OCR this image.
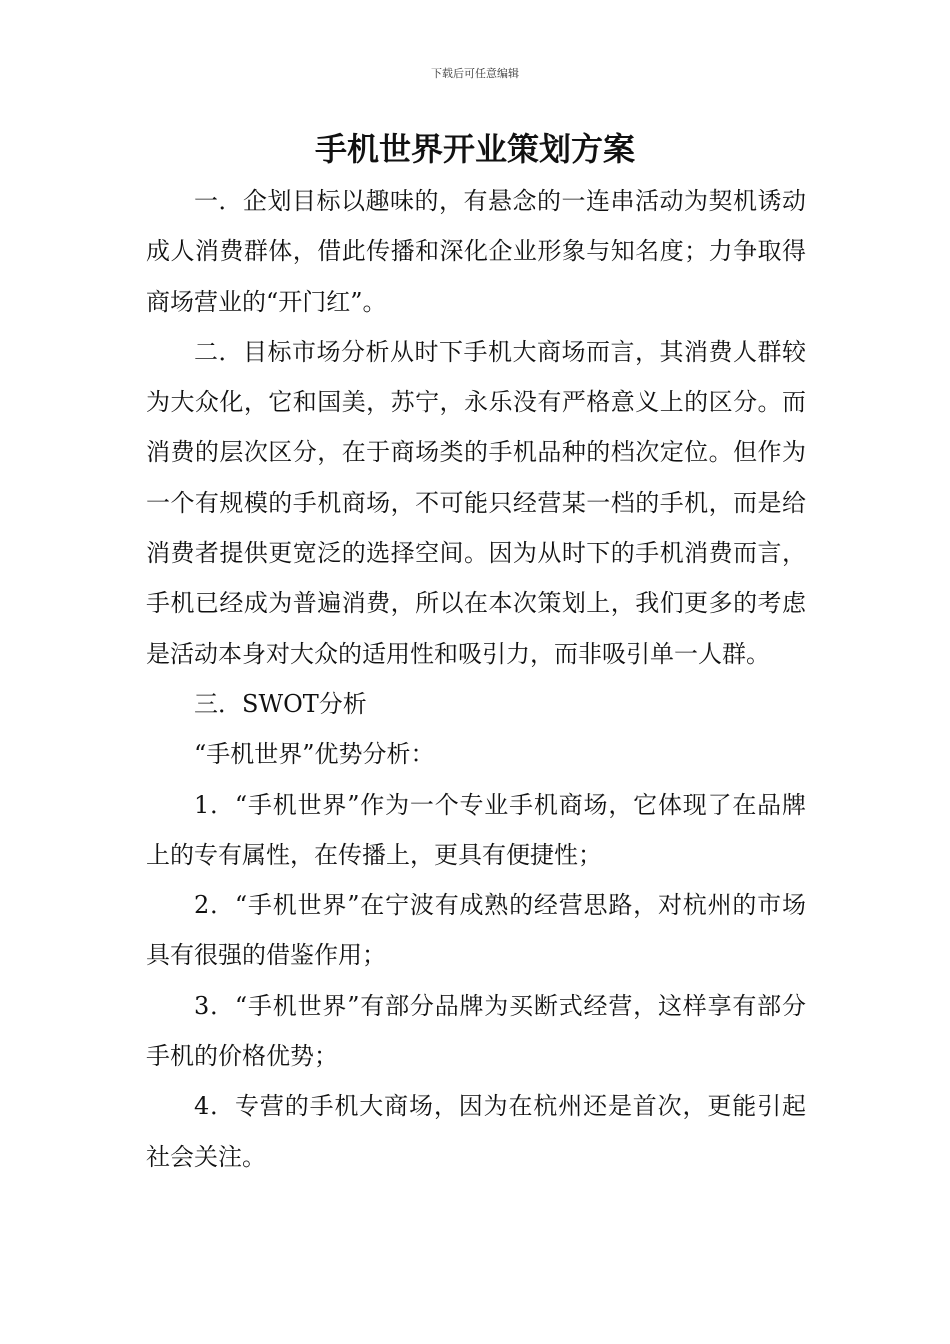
下载后可任意编辑
手机世界开业策划方案

一．企划目标以趣味的，有悬念的一连串活动为契机诱动成人消费群体，借此传播和深化企业形象与知名度；力争取得商场营业的“开门红”。

二．目标市场分析从时下手机大商场而言，其消费人群较为大众化，它和国美，苏宁，永乐没有严格意义上的区分。而消费的层次区分，在于商场类的手机品种的档次定位。但作为一个有规模的手机商场，不可能只经营某一档的手机，而是给消费者提供更宽泛的选择空间。因为从时下的手机消费而言，手机已经成为普遍消费，所以在本次策划上，我们更多的考虑是活动本身对大众的适用性和吸引力，而非吸引单一人群。

三．SWOT分析

“手机世界”优势分析：

1．“手机世界”作为一个专业手机商场，它体现了在品牌上的专有属性，在传播上，更具有便捷性；

2．“手机世界”在宁波有成熟的经营思路，对杭州的市场具有很强的借鉴作用；

3．“手机世界”有部分品牌为买断式经营，这样享有部分手机的价格优势；

4．专营的手机大商场，因为在杭州还是首次，更能引起社会关注。
